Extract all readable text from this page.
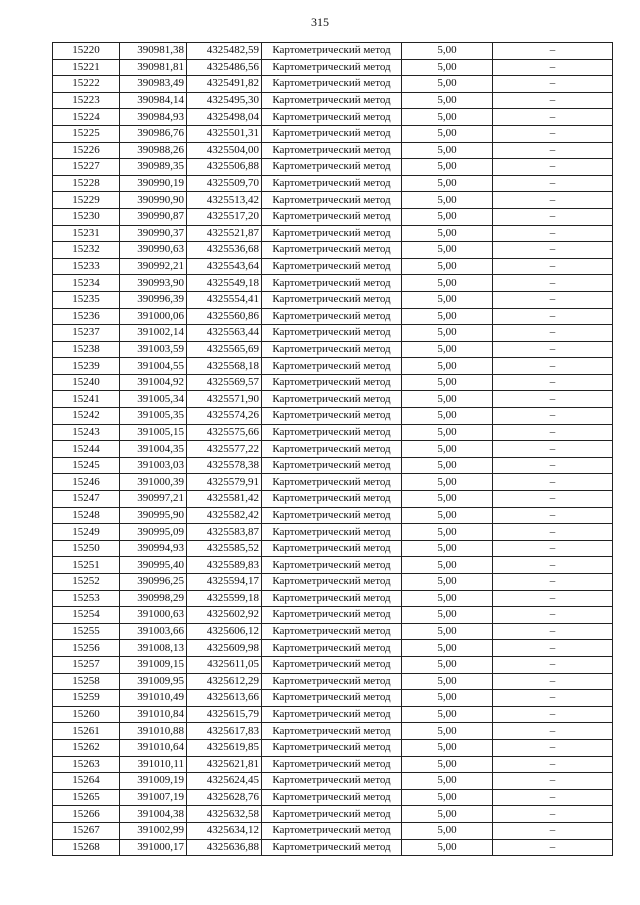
315
15220	390981,38	4325482,59	Картометрический метод	5,00	–
15221	390981,81	4325486,56	Картометрический метод	5,00	–
15222	390983,49	4325491,82	Картометрический метод	5,00	–
15223	390984,14	4325495,30	Картометрический метод	5,00	–
15224	390984,93	4325498,04	Картометрический метод	5,00	–
15225	390986,76	4325501,31	Картометрический метод	5,00	–
15226	390988,26	4325504,00	Картометрический метод	5,00	–
15227	390989,35	4325506,88	Картометрический метод	5,00	–
15228	390990,19	4325509,70	Картометрический метод	5,00	–
15229	390990,90	4325513,42	Картометрический метод	5,00	–
15230	390990,87	4325517,20	Картометрический метод	5,00	–
15231	390990,37	4325521,87	Картометрический метод	5,00	–
15232	390990,63	4325536,68	Картометрический метод	5,00	–
15233	390992,21	4325543,64	Картометрический метод	5,00	–
15234	390993,90	4325549,18	Картометрический метод	5,00	–
15235	390996,39	4325554,41	Картометрический метод	5,00	–
15236	391000,06	4325560,86	Картометрический метод	5,00	–
15237	391002,14	4325563,44	Картометрический метод	5,00	–
15238	391003,59	4325565,69	Картометрический метод	5,00	–
15239	391004,55	4325568,18	Картометрический метод	5,00	–
15240	391004,92	4325569,57	Картометрический метод	5,00	–
15241	391005,34	4325571,90	Картометрический метод	5,00	–
15242	391005,35	4325574,26	Картометрический метод	5,00	–
15243	391005,15	4325575,66	Картометрический метод	5,00	–
15244	391004,35	4325577,22	Картометрический метод	5,00	–
15245	391003,03	4325578,38	Картометрический метод	5,00	–
15246	391000,39	4325579,91	Картометрический метод	5,00	–
15247	390997,21	4325581,42	Картометрический метод	5,00	–
15248	390995,90	4325582,42	Картометрический метод	5,00	–
15249	390995,09	4325583,87	Картометрический метод	5,00	–
15250	390994,93	4325585,52	Картометрический метод	5,00	–
15251	390995,40	4325589,83	Картометрический метод	5,00	–
15252	390996,25	4325594,17	Картометрический метод	5,00	–
15253	390998,29	4325599,18	Картометрический метод	5,00	–
15254	391000,63	4325602,92	Картометрический метод	5,00	–
15255	391003,66	4325606,12	Картометрический метод	5,00	–
15256	391008,13	4325609,98	Картометрический метод	5,00	–
15257	391009,15	4325611,05	Картометрический метод	5,00	–
15258	391009,95	4325612,29	Картометрический метод	5,00	–
15259	391010,49	4325613,66	Картометрический метод	5,00	–
15260	391010,84	4325615,79	Картометрический метод	5,00	–
15261	391010,88	4325617,83	Картометрический метод	5,00	–
15262	391010,64	4325619,85	Картометрический метод	5,00	–
15263	391010,11	4325621,81	Картометрический метод	5,00	–
15264	391009,19	4325624,45	Картометрический метод	5,00	–
15265	391007,19	4325628,76	Картометрический метод	5,00	–
15266	391004,38	4325632,58	Картометрический метод	5,00	–
15267	391002,99	4325634,12	Картометрический метод	5,00	–
15268	391000,17	4325636,88	Картометрический метод	5,00	–
